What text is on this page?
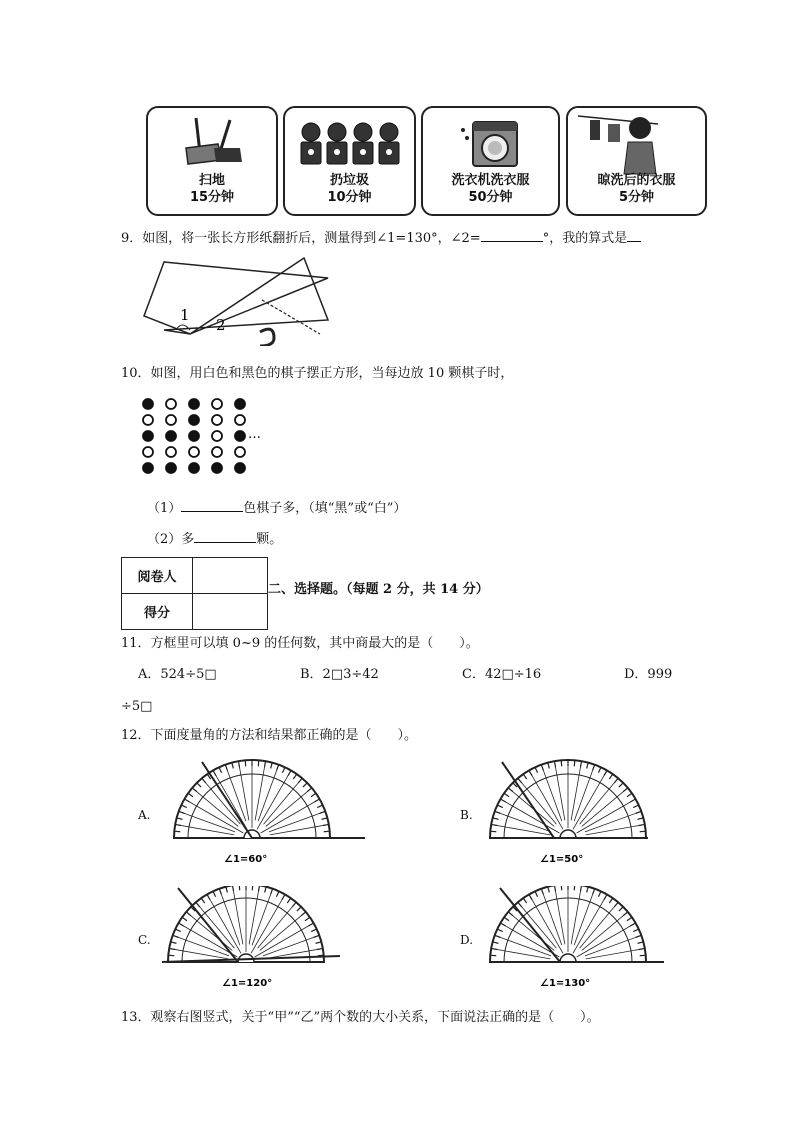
扫地
15分钟
扔垃圾
10分钟
洗衣机洗衣服
50分钟
晾洗后的衣服
5分钟
9．如图，将一张长方形纸翻折后，测量得到∠1=130°，∠2=	°，我的算式是
1
2
10．如图，用白色和黑色的棋子摆正方形，当每边放 10 颗棋子时，
…
（1）	色棋子多，（填“黑”或“白”）
（2）多	颗。
阅卷人	
得分	
二、选择题。（每题 2 分，共 14 分）
11．方框里可以填 0~9 的任何数，其中商最大的是（　　）。
A．524÷5□	B．2□3÷42	C．42□÷16	D．999
÷5□
12．下面度量角的方法和结果都正确的是（　　）。
A.	B.
C.	D.
∠1=60°	∠1=50°
∠1=120°	∠1=130°
13．观察右图竖式，关于“甲”“乙”两个数的大小关系，下面说法正确的是（　　）。
